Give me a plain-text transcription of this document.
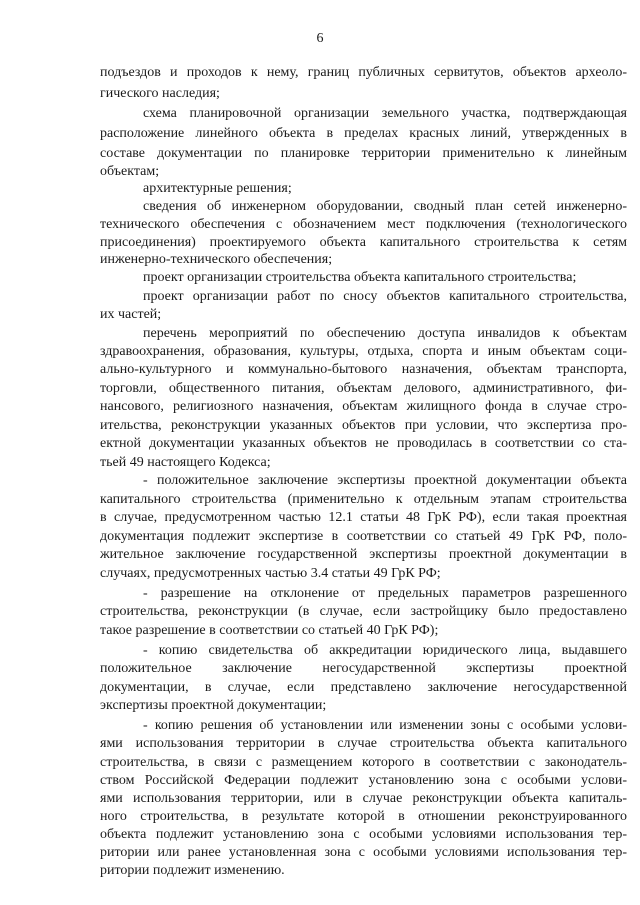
6
подъездов и проходов к нему, границ публичных сервитутов, объектов археоло-
гического наследия;
схема планировочной организации земельного участка, подтверждающая
расположение линейного объекта в пределах красных линий, утвержденных в
составе документации по планировке территории применительно к линейным
объектам;
архитектурные решения;
сведения об инженерном оборудовании, сводный план сетей инженерно-
технического обеспечения с обозначением мест подключения (технологического
присоединения) проектируемого объекта капитального строительства к сетям
инженерно-технического обеспечения;
проект организации строительства объекта капитального строительства;
проект организации работ по сносу объектов капитального строительства,
их частей;
перечень мероприятий по обеспечению доступа инвалидов к объектам
здравоохранения, образования, культуры, отдыха, спорта и иным объектам соци-
ально-культурного и коммунально-бытового назначения, объектам транспорта,
торговли, общественного питания, объектам делового, административного, фи-
нансового, религиозного назначения, объектам жилищного фонда в случае стро-
ительства, реконструкции указанных объектов при условии, что экспертиза про-
ектной документации указанных объектов не проводилась в соответствии со ста-
тьей 49 настоящего Кодекса;
- положительное заключение экспертизы проектной документации объекта
капитального строительства (применительно к отдельным этапам строительства
в случае, предусмотренном частью 12.1 статьи 48 ГрК РФ), если такая проектная
документация подлежит экспертизе в соответствии со статьей 49 ГрК РФ, поло-
жительное заключение государственной экспертизы проектной документации в
случаях, предусмотренных частью 3.4 статьи 49 ГрК РФ;
- разрешение на отклонение от предельных параметров разрешенного
строительства, реконструкции (в случае, если застройщику было предоставлено
такое разрешение в соответствии со статьей 40 ГрК РФ);
- копию свидетельства об аккредитации юридического лица, выдавшего
положительное заключение негосударственной экспертизы проектной
документации, в случае, если представлено заключение негосударственной
экспертизы проектной документации;
- копию решения об установлении или изменении зоны с особыми услови-
ями использования территории в случае строительства объекта капитального
строительства, в связи с размещением которого в соответствии с законодатель-
ством Российской Федерации подлежит установлению зона с особыми услови-
ями использования территории, или в случае реконструкции объекта капиталь-
ного строительства, в результате которой в отношении реконструированного
объекта подлежит установлению зона с особыми условиями использования тер-
ритории или ранее установленная зона с особыми условиями использования тер-
ритории подлежит изменению.
